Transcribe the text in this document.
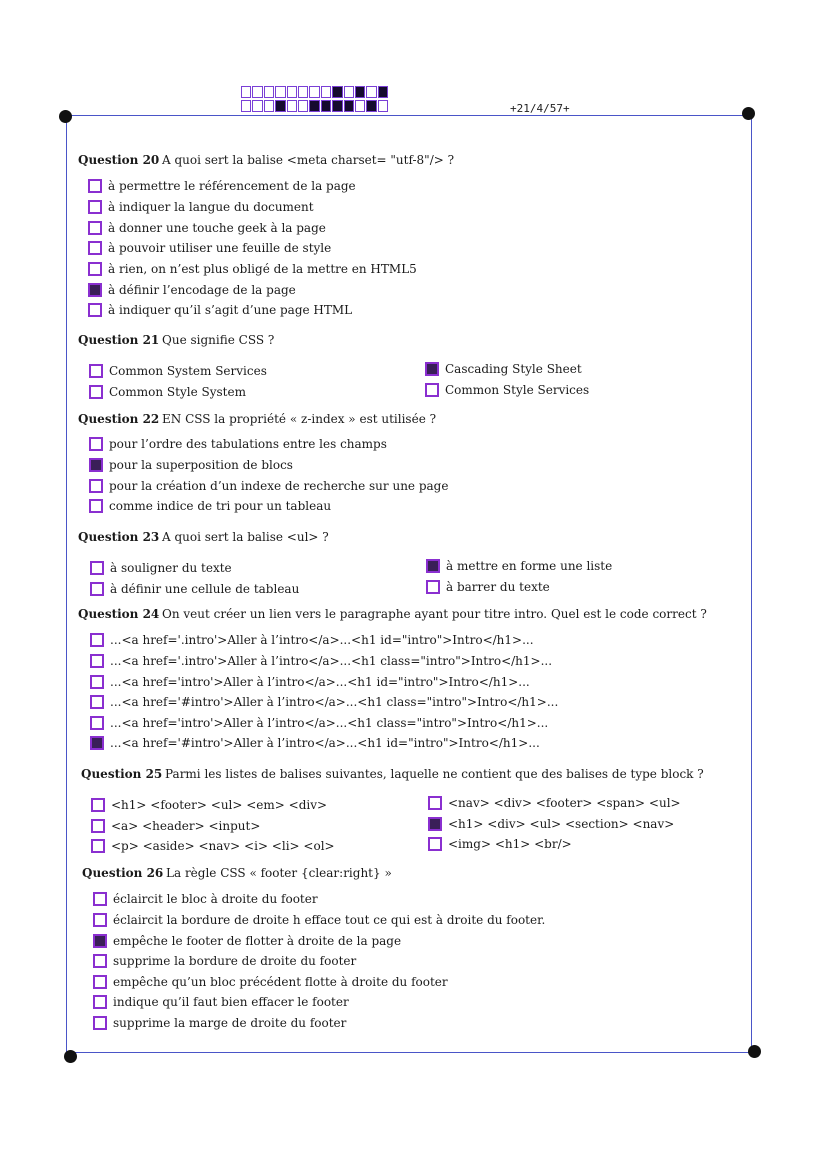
+21/4/57+
Question 20 A quoi sert la balise <meta charset= "utf-8"/> ?
à permettre le référencement de la page
à indiquer la langue du document
à donner une touche geek à la page
à pouvoir utiliser une feuille de style
à rien, on n’est plus obligé de la mettre en HTML5
à définir l’encodage de la page
à indiquer qu’il s’agit d’une page HTML
Question 21 Que signifie CSS ?
Common System Services
Common Style System
Cascading Style Sheet
Common Style Services
Question 22 EN CSS la propriété « z-index » est utilisée ?
pour l’ordre des tabulations entre les champs
pour la superposition de blocs
pour la création d’un indexe de recherche sur une page
comme indice de tri pour un tableau
Question 23 A quoi sert la balise <ul> ?
à souligner du texte
à définir une cellule de tableau
à mettre en forme une liste
à barrer du texte
Question 24 On veut créer un lien vers le paragraphe ayant pour titre intro. Quel est le code correct ?
...<a href='.intro'>Aller à l’intro</a>...<h1 id="intro">Intro</h1>...
...<a href='.intro'>Aller à l’intro</a>...<h1 class="intro">Intro</h1>...
...<a href='intro'>Aller à l’intro</a>...<h1 id="intro">Intro</h1>...
...<a href='#intro'>Aller à l’intro</a>...<h1 class="intro">Intro</h1>...
...<a href='intro'>Aller à l’intro</a>...<h1 class="intro">Intro</h1>...
...<a href='#intro'>Aller à l’intro</a>...<h1 id="intro">Intro</h1>...
Question 25 Parmi les listes de balises suivantes, laquelle ne contient que des balises de type block ?
<h1> <footer> <ul> <em> <div>
<a> <header> <input>
<p> <aside> <nav> <i> <li> <ol>
<nav> <div> <footer> <span> <ul>
<h1> <div> <ul> <section> <nav>
<img> <h1> <br/>
Question 26 La règle CSS « footer {clear:right} »
éclaircit le bloc à droite du footer
éclaircit la bordure de droite h efface tout ce qui est à droite du footer.
empêche le footer de flotter à droite de la page
supprime la bordure de droite du footer
empêche qu’un bloc précédent flotte à droite du footer
indique qu’il faut bien effacer le footer
supprime la marge de droite du footer
